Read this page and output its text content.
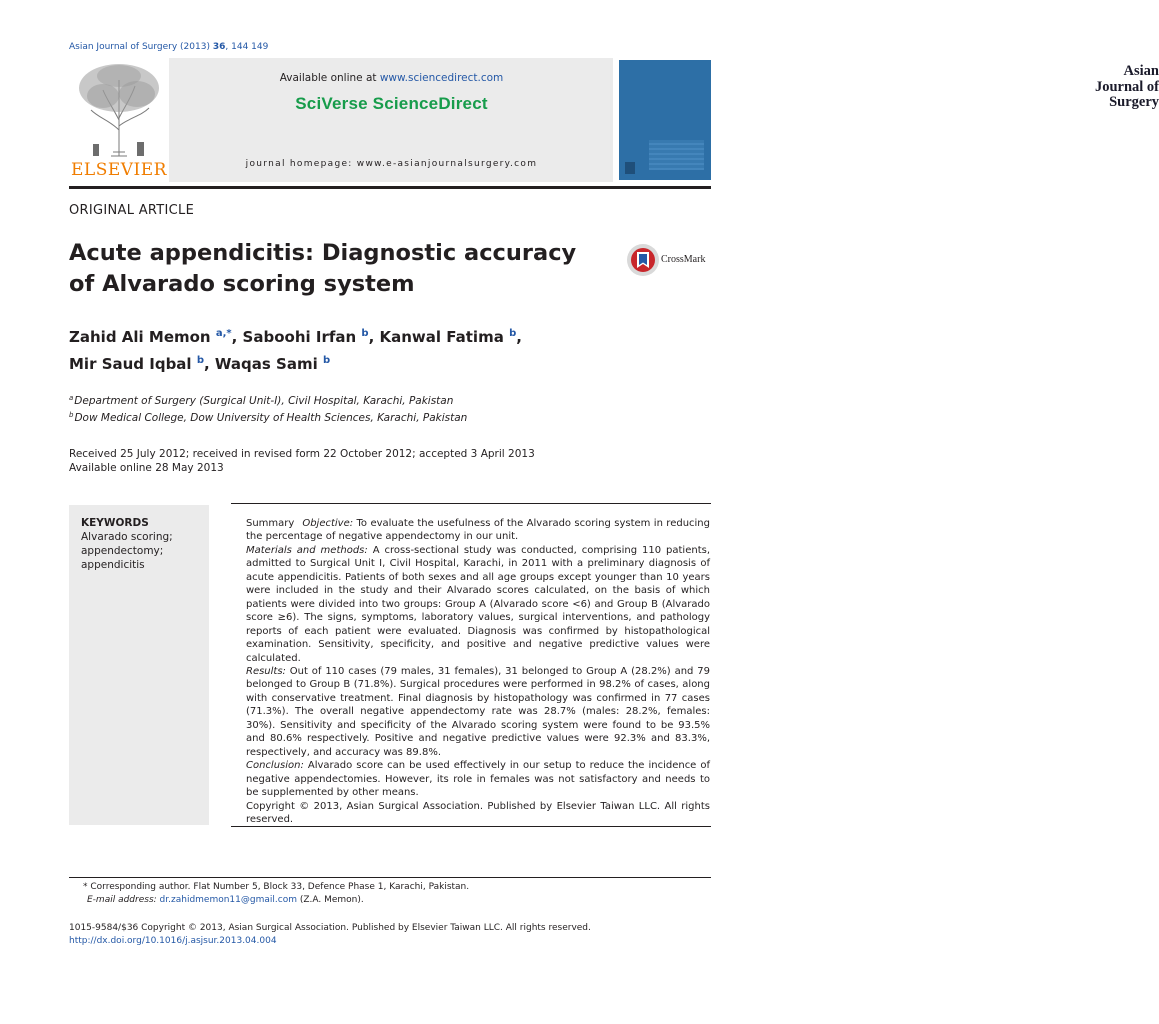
Asian Journal of Surgery (2013) 36, 144 149
ELSEVIER
Available online at www.sciencedirect.com
SciVerse ScienceDirect
journal homepage: www.e-asianjournalsurgery.com
Asian
Journal of
Surgery
ORIGINAL ARTICLE
Acute appendicitis: Diagnostic accuracy of Alvarado scoring system
CrossMark
Zahid Ali Memon $^{a,*}$, Saboohi Irfan $^b$, Kanwal Fatima $^b$,
Mir Saud Iqbal $^b$, Waqas Sami $^b$
$^a$Department of Surgery (Surgical Unit-I), Civil Hospital, Karachi, Pakistan
$^b$Dow Medical College, Dow University of Health Sciences, Karachi, Pakistan
Received 25 July 2012; received in revised form 22 October 2012; accepted 3 April 2013
Available online 28 May 2013
KEYWORDS
Alvarado scoring;
appendectomy;
appendicitis

Summary Objective: To evaluate the usefulness of the Alvarado scoring system in reducing the percentage of negative appendectomy in our unit.

Materials and methods: A cross-sectional study was conducted, comprising 110 patients, admitted to Surgical Unit I, Civil Hospital, Karachi, in 2011 with a preliminary diagnosis of acute appendicitis. Patients of both sexes and all age groups except younger than 10 years were included in the study and their Alvarado scores calculated, on the basis of which patients were divided into two groups: Group A (Alvarado score <6) and Group B (Alvarado score ≥6). The signs, symptoms, laboratory values, surgical interventions, and pathology reports of each patient were evaluated. Diagnosis was confirmed by histopathological examination. Sensitivity, specificity, and positive and negative predictive values were calculated.

Results: Out of 110 cases (79 males, 31 females), 31 belonged to Group A (28.2%) and 79 belonged to Group B (71.8%). Surgical procedures were performed in 98.2% of cases, along with conservative treatment. Final diagnosis by histopathology was confirmed in 77 cases (71.3%). The overall negative appendectomy rate was 28.7% (males: 28.2%, females: 30%). Sensitivity and specificity of the Alvarado scoring system were found to be 93.5% and 80.6% respectively. Positive and negative predictive values were 92.3% and 83.3%, respectively, and accuracy was 89.8%.

Conclusion: Alvarado score can be used effectively in our setup to reduce the incidence of negative appendectomies. However, its role in females was not satisfactory and needs to be supplemented by other means.

Copyright © 2013, Asian Surgical Association. Published by Elsevier Taiwan LLC. All rights reserved.

* Corresponding author. Flat Number 5, Block 33, Defence Phase 1, Karachi, Pakistan.
E-mail address: dr.zahidmemon11@gmail.com (Z.A. Memon).
1015-9584/$36 Copyright © 2013, Asian Surgical Association. Published by Elsevier Taiwan LLC. All rights reserved.
http://dx.doi.org/10.1016/j.asjsur.2013.04.004
